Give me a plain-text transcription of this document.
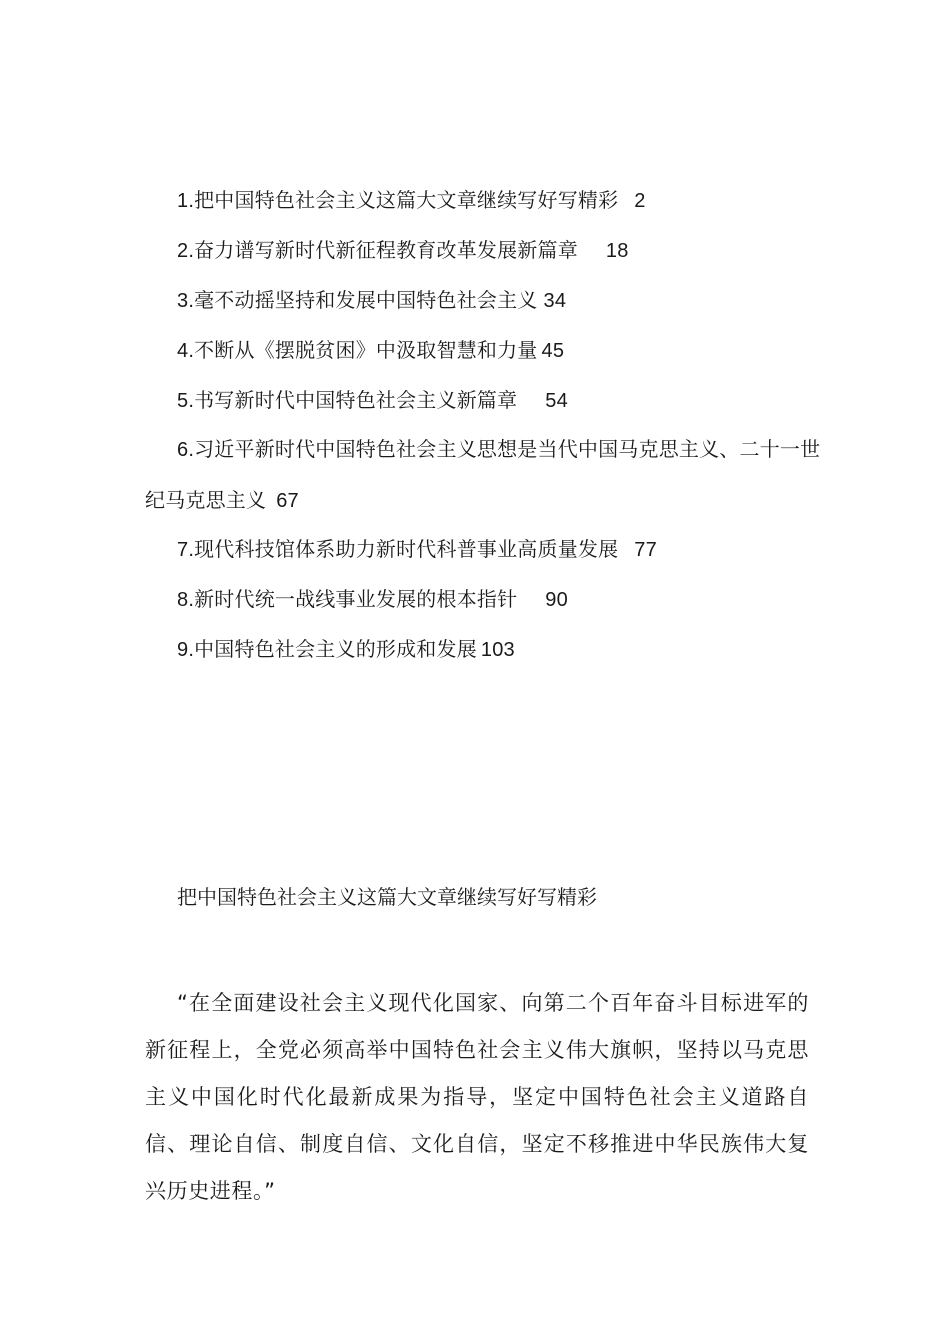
1.把中国特色社会主义这篇大文章继续写好写精彩 2
2.奋力谱写新时代新征程教育改革发展新篇章 18
3.毫不动摇坚持和发展中国特色社会主义 34
4.不断从《摆脱贫困》中汲取智慧和力量 45
5.书写新时代中国特色社会主义新篇章 54
6.习近平新时代中国特色社会主义思想是当代中国马克思主义、二十一世纪马克思主义 67
7.现代科技馆体系助力新时代科普事业高质量发展 77
8.新时代统一战线事业发展的根本指针 90
9.中国特色社会主义的形成和发展 103
把中国特色社会主义这篇大文章继续写好写精彩

“在全面建设社会主义现代化国家、向第二个百年奋斗目标进军的新征程上，全党必须高举中国特色社会主义伟大旗帜，坚持以马克思主义中国化时代化最新成果为指导，坚定中国特色社会主义道路自信、理论自信、制度自信、文化自信，坚定不移推进中华民族伟大复兴历史进程。”
